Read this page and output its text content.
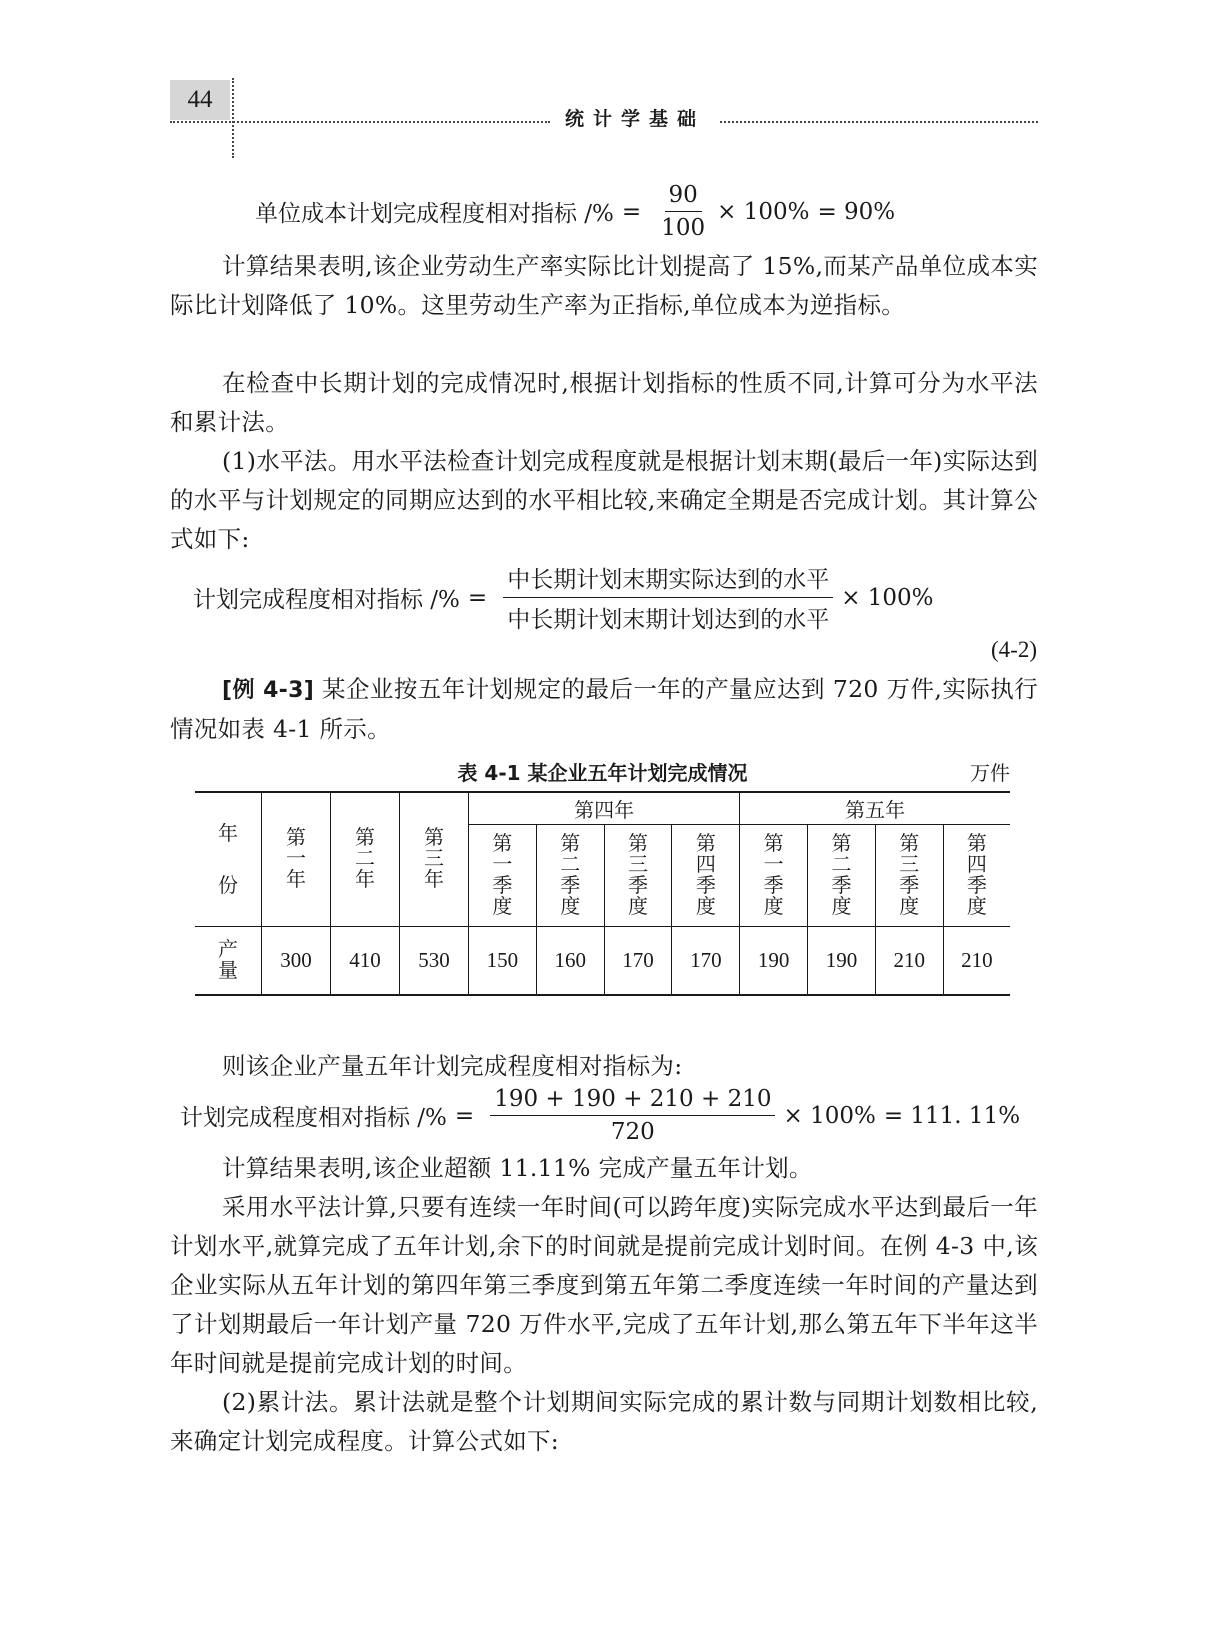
44
统计学基础
单位成本计划完成程度相对指标 /% = $\frac{90}{100} \times 100\% = 90\%$
计算结果表明,该企业劳动生产率实际比计划提高了 15%,而某产品单位成本实际比计划降低了 10%。这里劳动生产率为正指标,单位成本为逆指标。
在检查中长期计划的完成情况时,根据计划指标的性质不同,计算可分为水平法和累计法。
(1)水平法。用水平法检查计划完成程度就是根据计划末期(最后一年)实际达到的水平与计划规定的同期应达到的水平相比较,来确定全期是否完成计划。其计算公式如下:
计划完成程度相对指标 /% = $\frac{\text{中长期计划末期实际达到的水平}}{\text{中长期计划末期计划达到的水平}} \times 100\%$
(4-2)
[例 4-3] 某企业按五年计划规定的最后一年的产量应达到 720 万件,实际执行情况如表 4-1 所示。
表 4-1 某企业五年计划完成情况	万件
年份	第一年	第二年	第三年	第四年				第五年			
				第一季度	第二季度	第三季度	第四季度	第一季度	第二季度	第三季度	第四季度
产量	300	410	530	150	160	170	170	190	190	210	210
则该企业产量五年计划完成程度相对指标为:
计划完成程度相对指标 /% = $\frac{190 + 190 + 210 + 210}{720} \times 100\% = 111$. 11%
计算结果表明,该企业超额 11.11% 完成产量五年计划。
采用水平法计算,只要有连续一年时间(可以跨年度)实际完成水平达到最后一年计划水平,就算完成了五年计划,余下的时间就是提前完成计划时间。在例 4-3 中,该企业实际从五年计划的第四年第三季度到第五年第二季度连续一年时间的产量达到了计划期最后一年计划产量 720 万件水平,完成了五年计划,那么第五年下半年这半年时间就是提前完成计划的时间。
(2)累计法。累计法就是整个计划期间实际完成的累计数与同期计划数相比较,来确定计划完成程度。计算公式如下:
